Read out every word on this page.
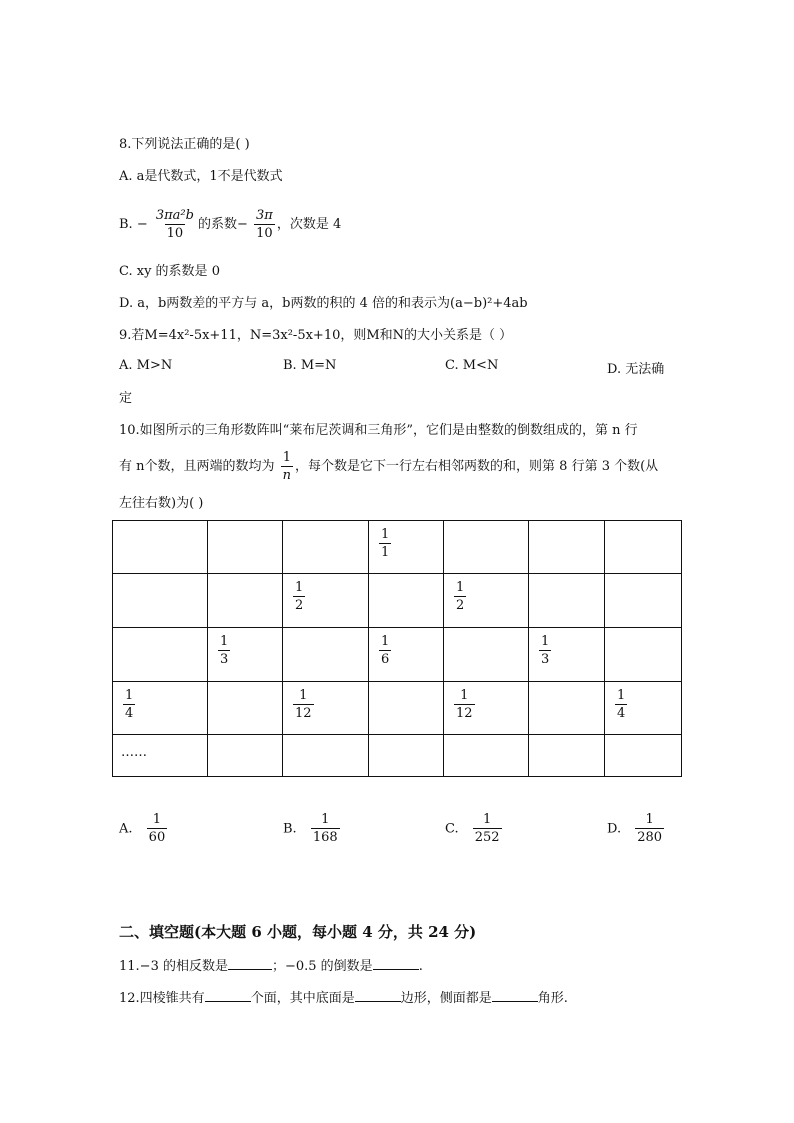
8.下列说法正确的是( )
A. a是代数式，1不是代数式
B. − $\frac{\text{3πa²b}}{10}$ 的系数− $\frac{3\pi}{10}$ ，次数是 4
C. xy 的系数是 0
D. a，b两数差的平方与 a，b两数的积的 4 倍的和表示为(a−b)²+4ab
9.若M=4x²-5x+11，N=3x²-5x+10，则M和N的大小关系是（ ）
A. M>N	B. M=N	C. M<N	D. 无法确
定
10.如图所示的三角形数阵叫“莱布尼茨调和三角形”，它们是由整数的倒数组成的，第 n 行
有 n个数，且两端的数均为 $\frac{1}{n}$ ，每个数是它下一行左右相邻两数的和，则第 8 行第 3 个数(从
左往右数)为( )

			$\frac{1}{1}$

		$\frac{1}{2}$		$\frac{1}{2}$

	$\frac{1}{3}$		$\frac{1}{6}$		$\frac{1}{3}$

$\frac{1}{4}$		$\frac{1}{12}$		$\frac{1}{12}$		$\frac{1}{4}$

……						
A. $\frac{1}{60}$	B. $\frac{1}{168}$	C. $\frac{1}{252}$	D. $\frac{1}{280}$
二、填空题(本大题 6 小题，每小题 4 分，共 24 分)
11.−3 的相反数是	；−0.5 的倒数是	.
12.四棱锥共有	个面，其中底面是	边形，侧面都是	角形.
